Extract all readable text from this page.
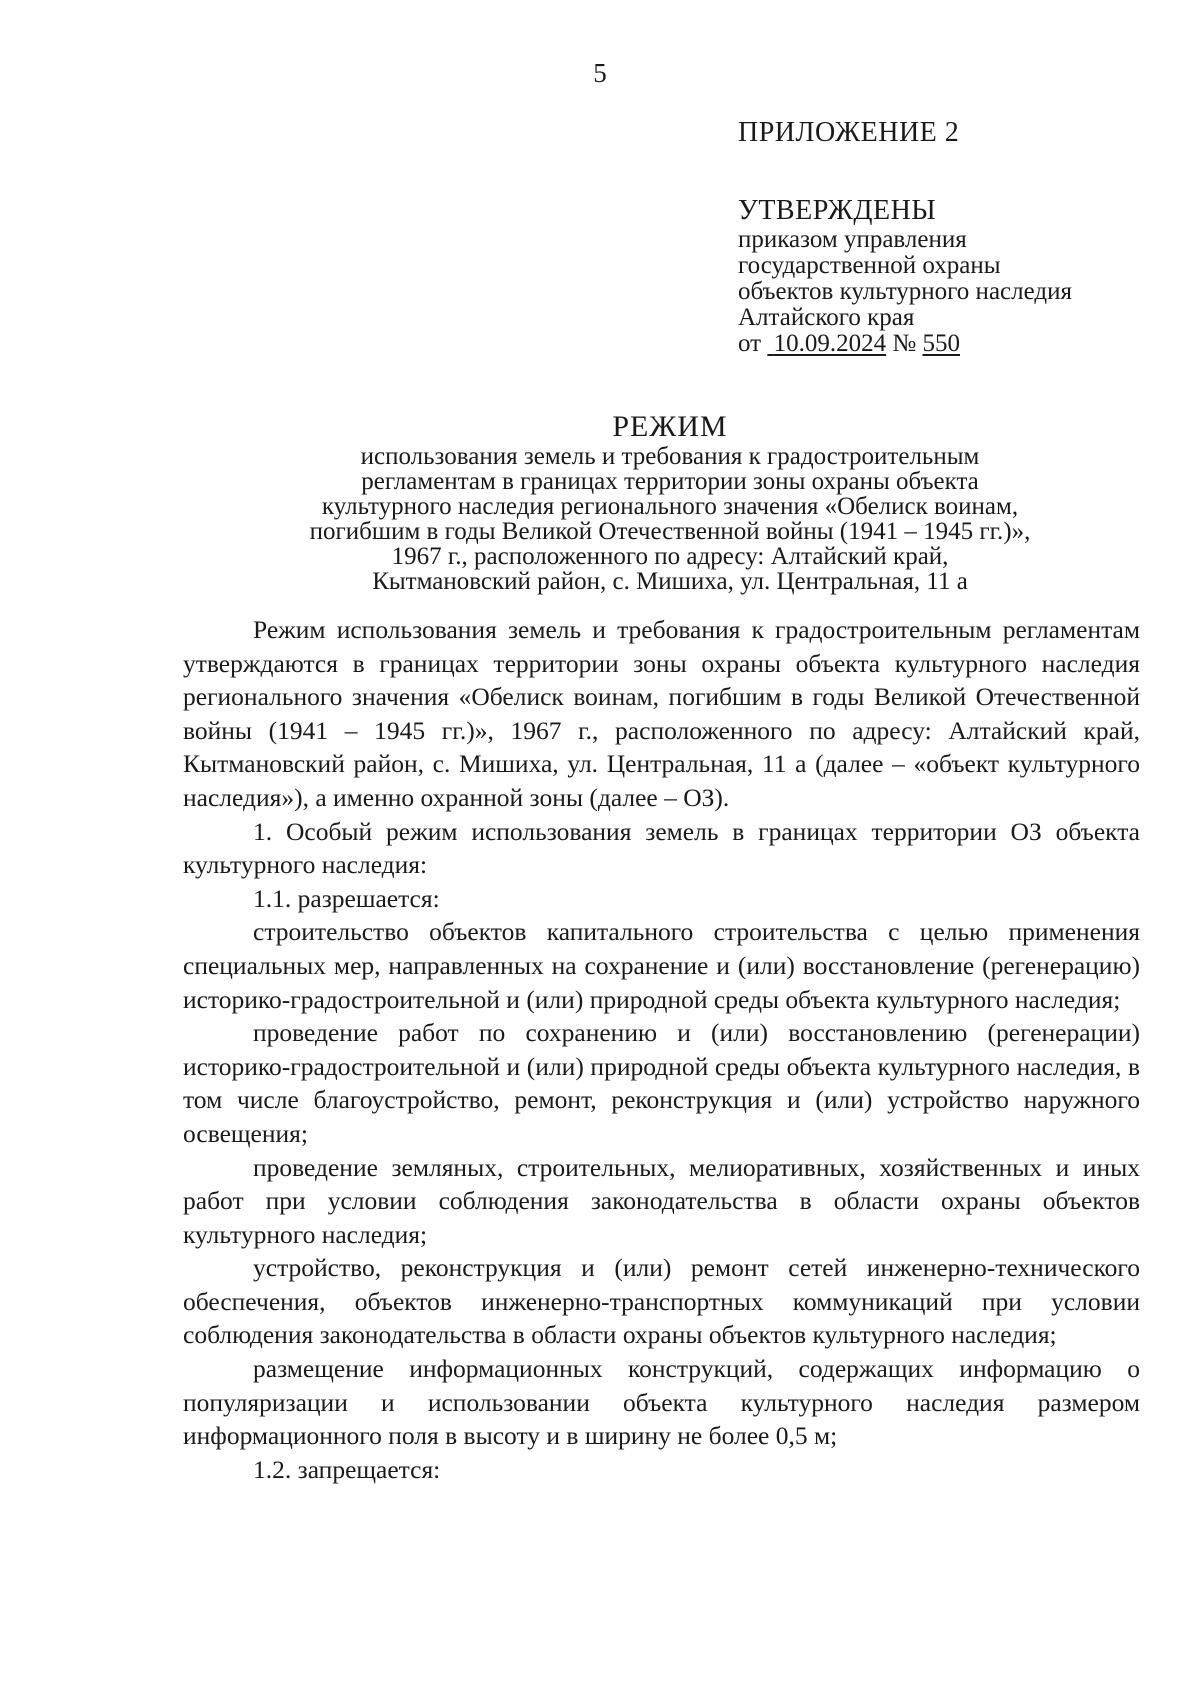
5
ПРИЛОЖЕНИЕ 2
УТВЕРЖДЕНЫ
приказом управления
государственной охраны
объектов культурного наследия
Алтайского края
от 10.09.2024 № 550
РЕЖИМ
использования земель и требования к градостроительным
регламентам в границах территории зоны охраны объекта
культурного наследия регионального значения «Обелиск воинам,
погибшим в годы Великой Отечественной войны (1941 – 1945 гг.)»,
1967 г., расположенного по адресу: Алтайский край,
Кытмановский район, с. Мишиха, ул. Центральная, 11 а

Режим использования земель и требования к градостроительным регламентам утверждаются в границах территории зоны охраны объекта культурного наследия регионального значения «Обелиск воинам, погибшим в годы Великой Отечественной войны (1941 – 1945 гг.)», 1967 г., расположенного по адресу: Алтайский край, Кытмановский район, с. Мишиха, ул. Центральная, 11 а (далее – «объект культурного наследия»), а именно охранной зоны (далее – ОЗ).

1. Особый режим использования земель в границах территории ОЗ объекта культурного наследия:

1.1. разрешается:

строительство объектов капитального строительства с целью применения специальных мер, направленных на сохранение и (или) восстановление (регенерацию) историко-градостроительной и (или) природной среды объекта культурного наследия;

проведение работ по сохранению и (или) восстановлению (регенерации) историко-градостроительной и (или) природной среды объекта культурного наследия, в том числе благоустройство, ремонт, реконструкция и (или) устройство наружного освещения;

проведение земляных, строительных, мелиоративных, хозяйственных и иных работ при условии соблюдения законодательства в области охраны объектов культурного наследия;

устройство, реконструкция и (или) ремонт сетей инженерно-технического обеспечения, объектов инженерно-транспортных коммуникаций при условии соблюдения законодательства в области охраны объектов культурного наследия;

размещение информационных конструкций, содержащих информацию о популяризации и использовании объекта культурного наследия размером информационного поля в высоту и в ширину не более 0,5 м;

1.2. запрещается:
